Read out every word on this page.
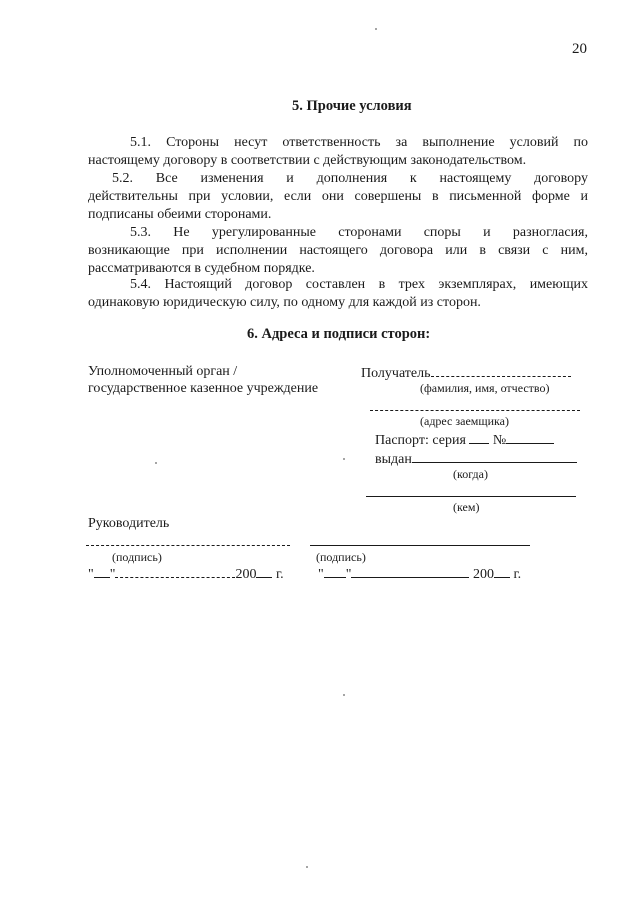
20
5. Прочие условия
5.1. Стороны несут ответственность за выполнение условий по
настоящему договору в соответствии с действующим законодательством.
5.2. Все изменения и дополнения к настоящему договору
действительны при условии, если они совершены в письменной форме и
подписаны обеими сторонами.
5.3. Не урегулированные сторонами споры и разногласия,
возникающие при исполнении настоящего договора или в связи с ним,
рассматриваются в судебном порядке.
5.4. Настоящий договор составлен в трех экземплярах, имеющих
одинаковую юридическую силу, по одному для каждой из сторон.
6. Адреса и подписи сторон:
Уполномоченный орган /
государственное казенное учреждение
Получатель
(фамилия, имя, отчество)
(адрес заемщика)
Паспорт: серия №
выдан
(когда)
(кем)
Руководитель
(подпись)	(подпись)
" "	200 г. " "	200 г.
